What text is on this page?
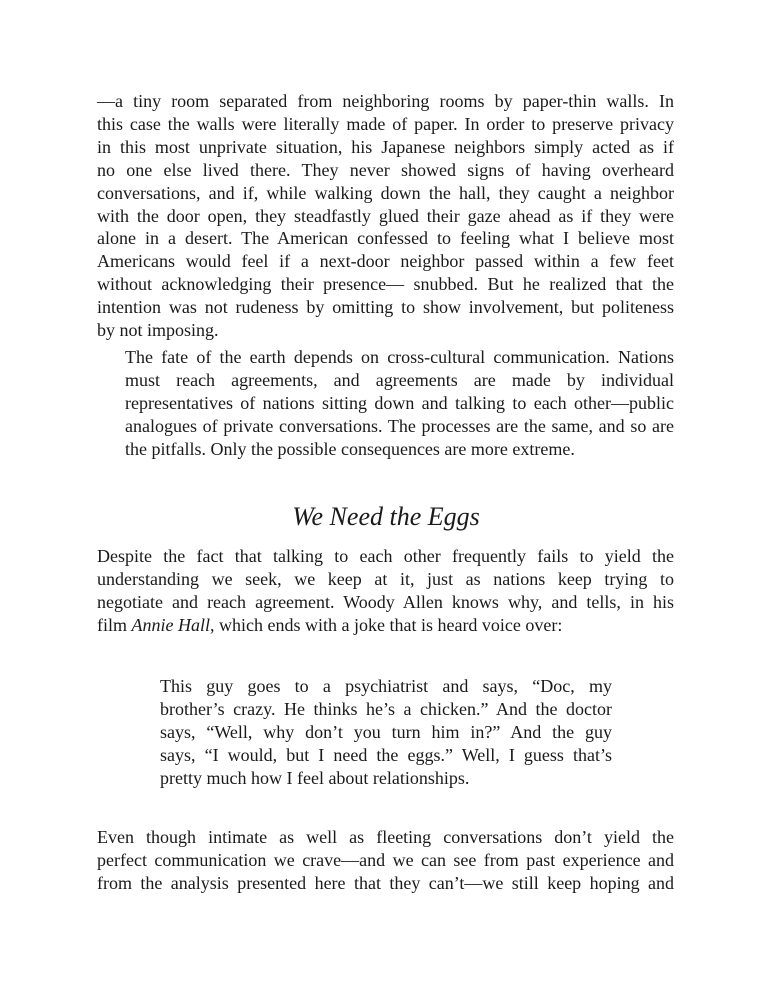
—a tiny room separated from neighboring rooms by paper-thin walls. In
this case the walls were literally made of paper. In order to preserve privacy
in this most unprivate situation, his Japanese neighbors simply acted as if
no one else lived there. They never showed signs of having overheard
conversations, and if, while walking down the hall, they caught a neighbor
with the door open, they steadfastly glued their gaze ahead as if they were
alone in a desert. The American confessed to feeling what I believe most
Americans would feel if a next-door neighbor passed within a few feet
without acknowledging their presence— snubbed. But he realized that the
intention was not rudeness by omitting to show involvement, but politeness
by not imposing.
The fate of the earth depends on cross-cultural communication. Nations
must reach agreements, and agreements are made by individual
representatives of nations sitting down and talking to each other—public
analogues of private conversations. The processes are the same, and so are
the pitfalls. Only the possible consequences are more extreme.
We Need the Eggs
Despite the fact that talking to each other frequently fails to yield the
understanding we seek, we keep at it, just as nations keep trying to
negotiate and reach agreement. Woody Allen knows why, and tells, in his
film Annie Hall, which ends with a joke that is heard voice over:
This guy goes to a psychiatrist and says, “Doc, my
brother’s crazy. He thinks he’s a chicken.” And the doctor
says, “Well, why don’t you turn him in?” And the guy
says, “I would, but I need the eggs.” Well, I guess that’s
pretty much how I feel about relationships.
Even though intimate as well as fleeting conversations don’t yield the
perfect communication we crave—and we can see from past experience and
from the analysis presented here that they can’t—we still keep hoping and
